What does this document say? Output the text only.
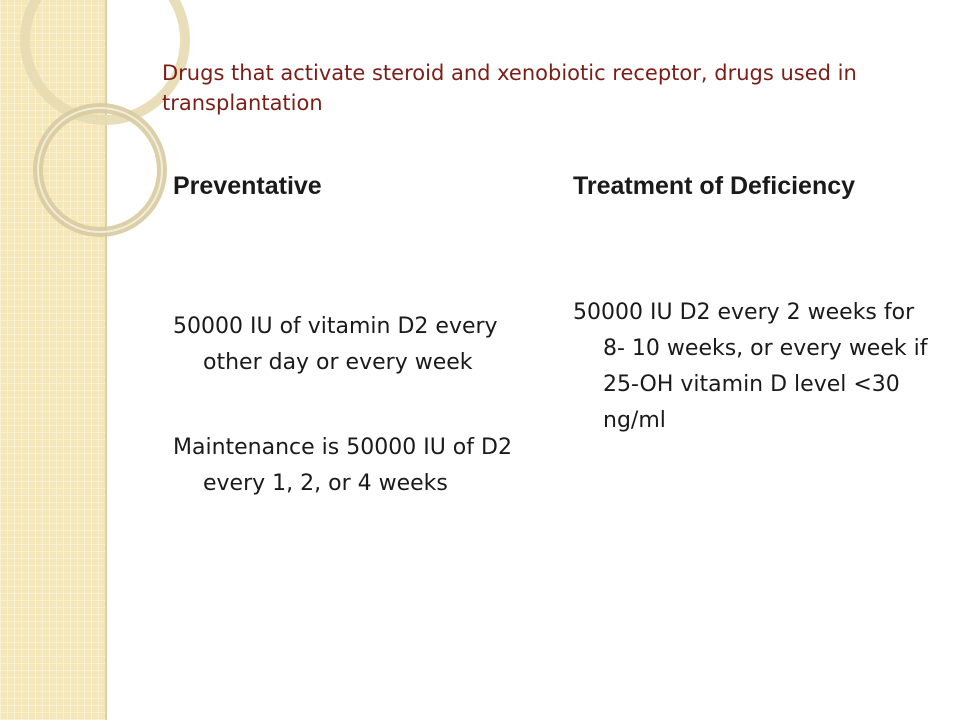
Drugs that activate steroid and xenobiotic receptor, drugs used in transplantation
Preventative
50000 IU of vitamin D2 every other day or every week
Maintenance is 50000 IU of D2 every 1, 2, or 4 weeks
Treatment of Deficiency
50000 IU D2 every 2 weeks for 8- 10 weeks, or every week if 25-OH vitamin D level <30 ng/ml
